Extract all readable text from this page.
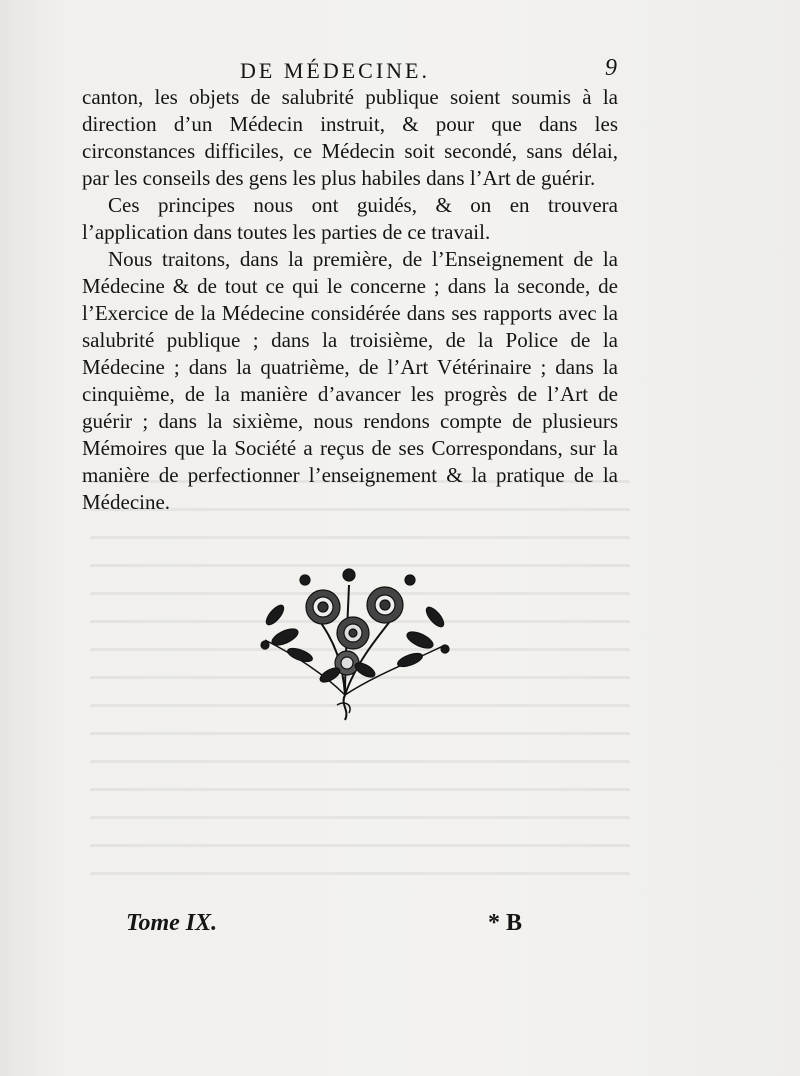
DE MÉDECINE.	9

canton, les objets de salubrité publique soient soumis à la direction d’un Médecin instruit, & pour que dans les circonstances difficiles, ce Médecin soit secondé, sans délai, par les conseils des gens les plus habiles dans l’Art de guérir.

Ces principes nous ont guidés, & on en trouvera l’application dans toutes les parties de ce travail.

Nous traitons, dans la première, de l’Enseignement de la Médecine & de tout ce qui le concerne ; dans la seconde, de l’Exercice de la Médecine considérée dans ses rapports avec la salubrité publique ; dans la troisième, de la Police de la Médecine ; dans la quatrième, de l’Art Vétérinaire ; dans la cinquième, de la manière d’avancer les progrès de l’Art de guérir ; dans la sixième, nous rendons compte de plusieurs Mémoires que la Société a reçus de ses Correspondans, sur la manière de perfectionner l’enseignement & la pratique de la Médecine.

Tome IX.	* B
